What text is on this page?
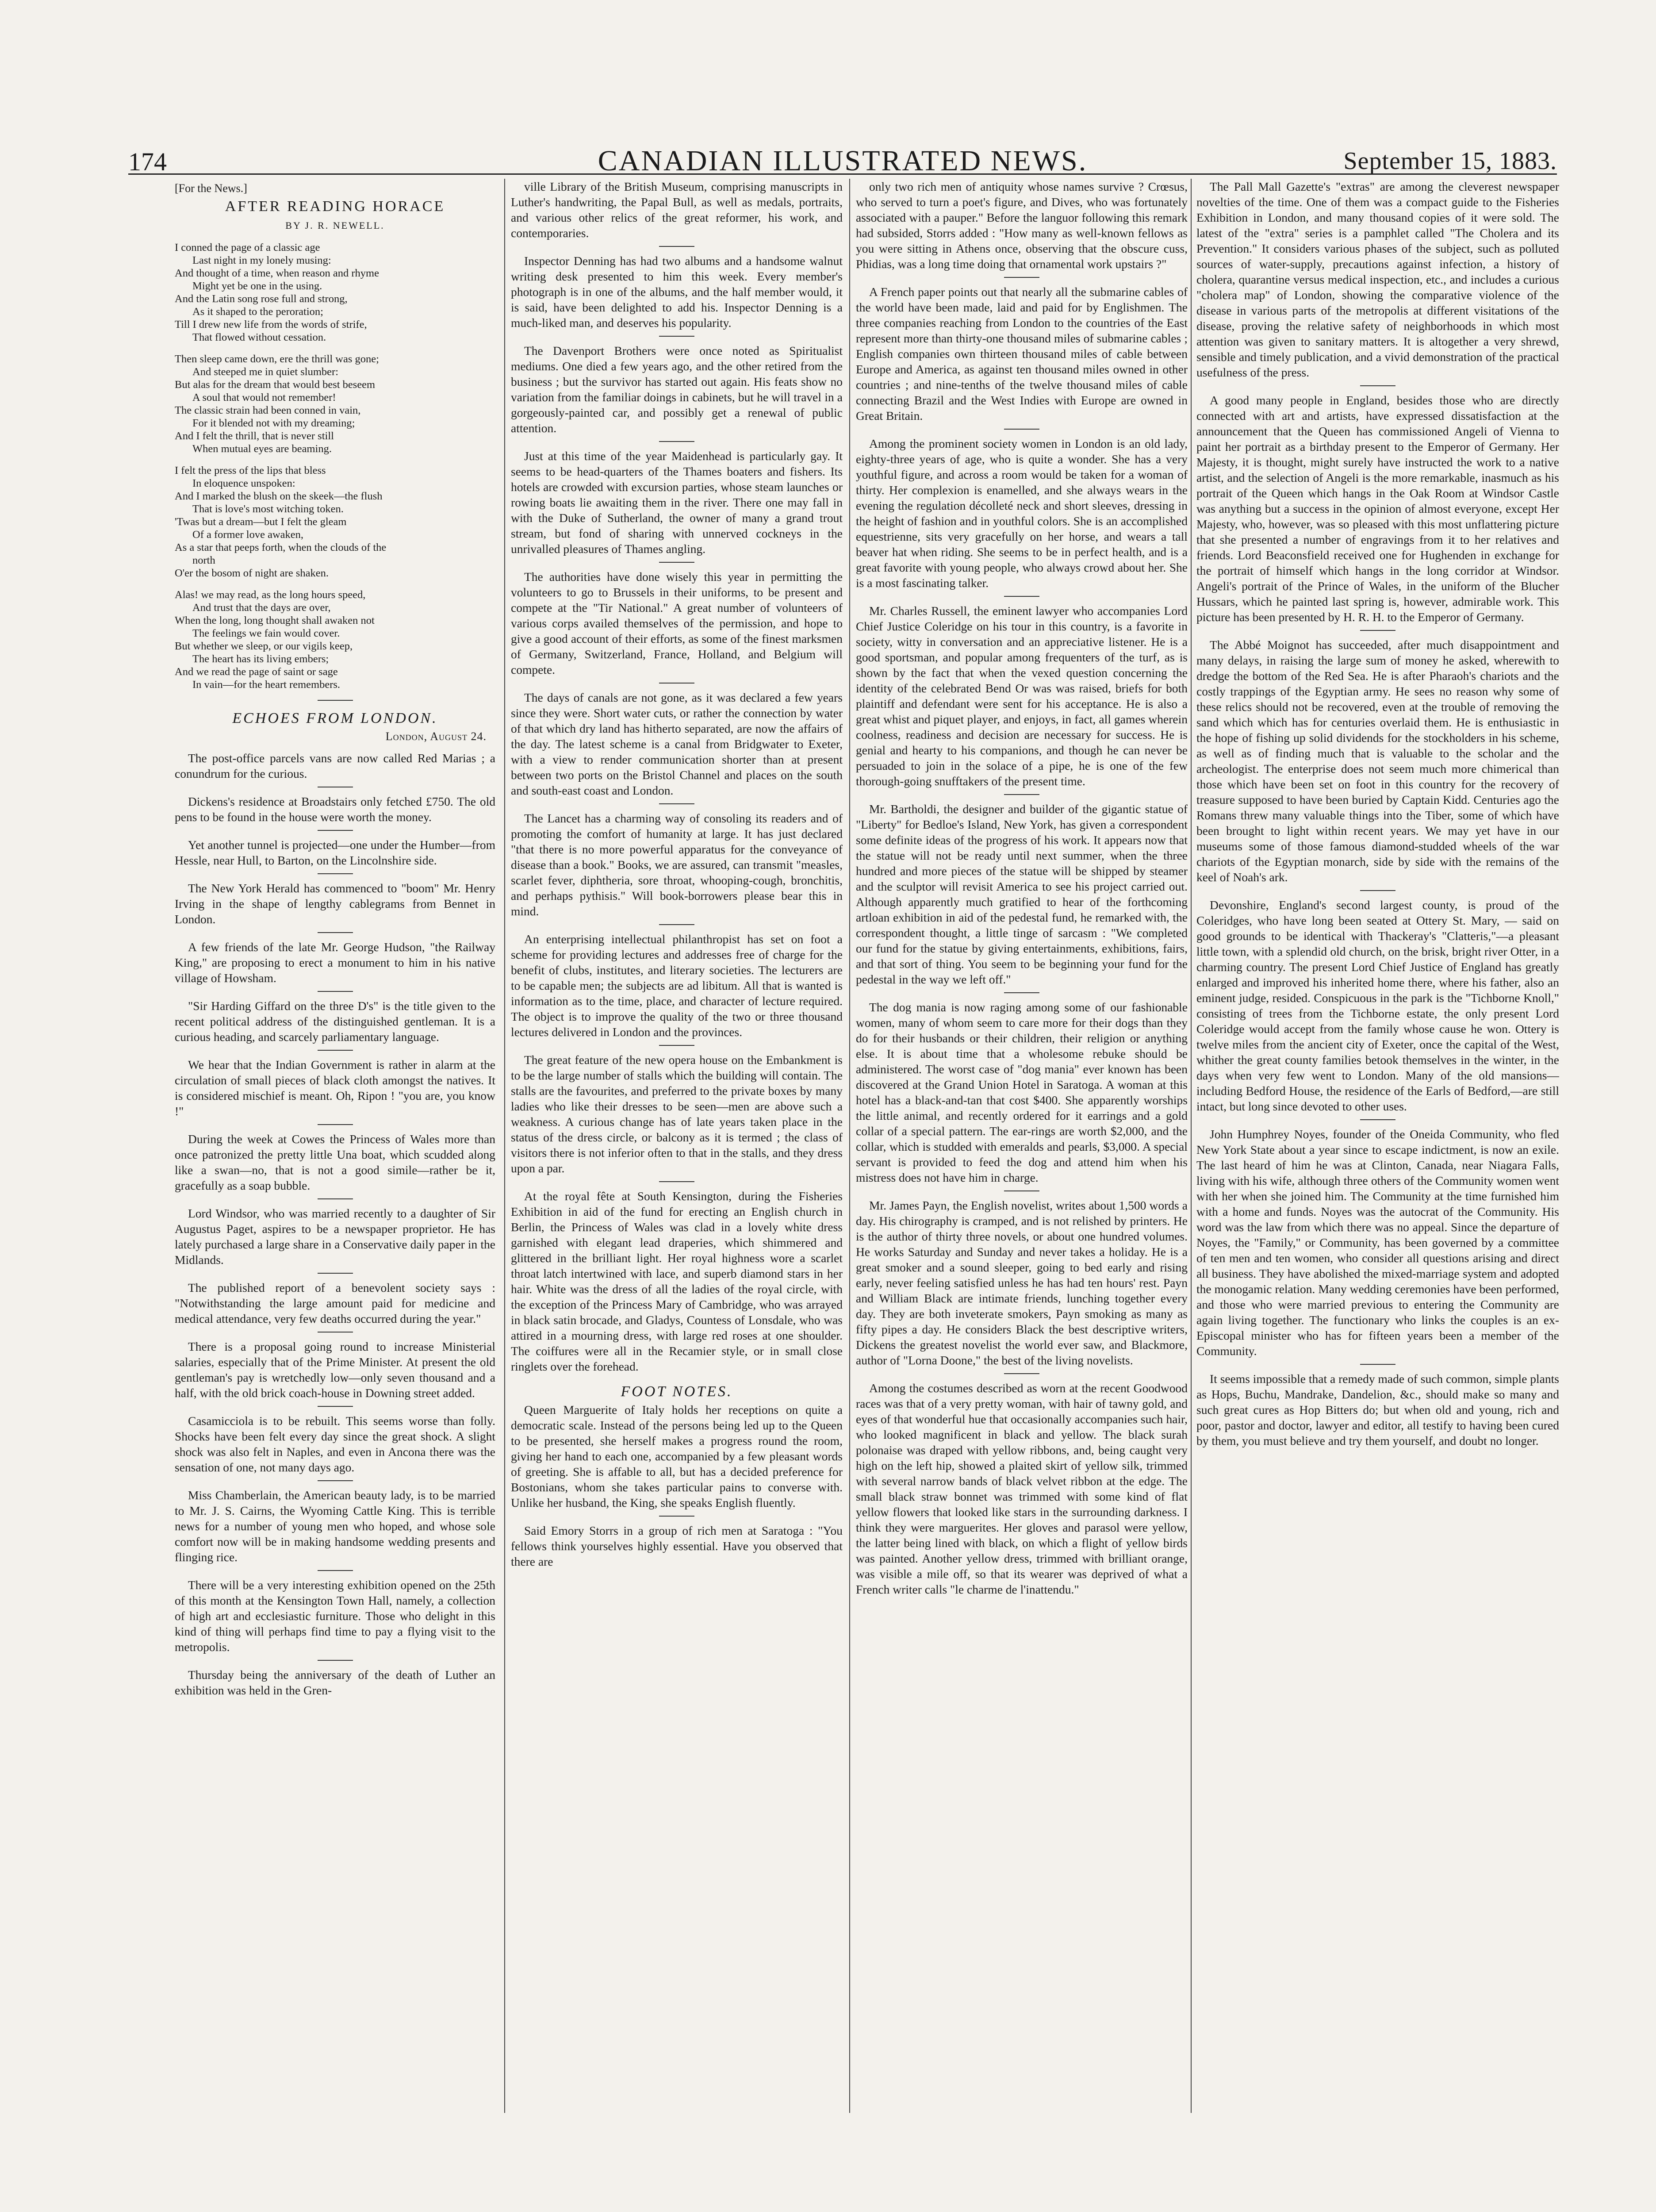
174	CANADIAN ILLUSTRATED NEWS.	September 15, 1883.
[For the News.]
AFTER READING HORACE
BY J. R. NEWELL.
I conned the page of a classic age
Last night in my lonely musing:
And thought of a time, when reason and rhyme
Might yet be one in the using.
And the Latin song rose full and strong,
As it shaped to the peroration;
Till I drew new life from the words of strife,
That flowed without cessation.
Then sleep came down, ere the thrill was gone;
And steeped me in quiet slumber:
But alas for the dream that would best beseem
A soul that would not remember!
The classic strain had been conned in vain,
For it blended not with my dreaming;
And I felt the thrill, that is never still
When mutual eyes are beaming.
I felt the press of the lips that bless
In eloquence unspoken:
And I marked the blush on the skeek—the flush
That is love's most witching token.
'Twas but a dream—but I felt the gleam
Of a former love awaken,
As a star that peeps forth, when the clouds of the
north
O'er the bosom of night are shaken.
Alas! we may read, as the long hours speed,
And trust that the days are over,
When the long, long thought shall awaken not
The feelings we fain would cover.
But whether we sleep, or our vigils keep,
The heart has its living embers;
And we read the page of saint or sage
In vain—for the heart remembers.
ECHOES FROM LONDON.
London, August 24.

The post-office parcels vans are now called Red Marias ; a conundrum for the curious.

Dickens's residence at Broadstairs only fetched £750. The old pens to be found in the house were worth the money.

Yet another tunnel is projected—one under the Humber—from Hessle, near Hull, to Barton, on the Lincolnshire side.

The New York Herald has commenced to "boom" Mr. Henry Irving in the shape of lengthy cablegrams from Bennet in London.

A few friends of the late Mr. George Hudson, "the Railway King," are proposing to erect a monument to him in his native village of Howsham.

"Sir Harding Giffard on the three D's" is the title given to the recent political address of the distinguished gentleman. It is a curious heading, and scarcely parliamentary language.

We hear that the Indian Government is rather in alarm at the circulation of small pieces of black cloth amongst the natives. It is considered mischief is meant. Oh, Ripon ! "you are, you know !"

During the week at Cowes the Princess of Wales more than once patronized the pretty little Una boat, which scudded along like a swan—no, that is not a good simile—rather be it, gracefully as a soap bubble.

Lord Windsor, who was married recently to a daughter of Sir Augustus Paget, aspires to be a newspaper proprietor. He has lately purchased a large share in a Conservative daily paper in the Midlands.

The published report of a benevolent society says : "Notwithstanding the large amount paid for medicine and medical attendance, very few deaths occurred during the year."

There is a proposal going round to increase Ministerial salaries, especially that of the Prime Minister. At present the old gentleman's pay is wretchedly low—only seven thousand and a half, with the old brick coach-house in Downing street added.

Casamicciola is to be rebuilt. This seems worse than folly. Shocks have been felt every day since the great shock. A slight shock was also felt in Naples, and even in Ancona there was the sensation of one, not many days ago.

Miss Chamberlain, the American beauty lady, is to be married to Mr. J. S. Cairns, the Wyoming Cattle King. This is terrible news for a number of young men who hoped, and whose sole comfort now will be in making handsome wedding presents and flinging rice.

There will be a very interesting exhibition opened on the 25th of this month at the Kensington Town Hall, namely, a collection of high art and ecclesiastic furniture. Those who delight in this kind of thing will perhaps find time to pay a flying visit to the metropolis.

Thursday being the anniversary of the death of Luther an exhibition was held in the Gren-

ville Library of the British Museum, comprising manuscripts in Luther's handwriting, the Papal Bull, as well as medals, portraits, and various other relics of the great reformer, his work, and contemporaries.

Inspector Denning has had two albums and a handsome walnut writing desk presented to him this week. Every member's photograph is in one of the albums, and the half member would, it is said, have been delighted to add his. Inspector Denning is a much-liked man, and deserves his popularity.

The Davenport Brothers were once noted as Spiritualist mediums. One died a few years ago, and the other retired from the business ; but the survivor has started out again. His feats show no variation from the familiar doings in cabinets, but he will travel in a gorgeously-painted car, and possibly get a renewal of public attention.

Just at this time of the year Maidenhead is particularly gay. It seems to be head-quarters of the Thames boaters and fishers. Its hotels are crowded with excursion parties, whose steam launches or rowing boats lie awaiting them in the river. There one may fall in with the Duke of Sutherland, the owner of many a grand trout stream, but fond of sharing with unnerved cockneys in the unrivalled pleasures of Thames angling.

The authorities have done wisely this year in permitting the volunteers to go to Brussels in their uniforms, to be present and compete at the "Tir National." A great number of volunteers of various corps availed themselves of the permission, and hope to give a good account of their efforts, as some of the finest marksmen of Germany, Switzerland, France, Holland, and Belgium will compete.

The days of canals are not gone, as it was declared a few years since they were. Short water cuts, or rather the connection by water of that which dry land has hitherto separated, are now the affairs of the day. The latest scheme is a canal from Bridgwater to Exeter, with a view to render communication shorter than at present between two ports on the Bristol Channel and places on the south and south-east coast and London.

The Lancet has a charming way of consoling its readers and of promoting the comfort of humanity at large. It has just declared "that there is no more powerful apparatus for the conveyance of disease than a book." Books, we are assured, can transmit "measles, scarlet fever, diphtheria, sore throat, whooping-cough, bronchitis, and perhaps pythisis." Will book-borrowers please bear this in mind.

An enterprising intellectual philanthropist has set on foot a scheme for providing lectures and addresses free of charge for the benefit of clubs, institutes, and literary societies. The lecturers are to be capable men; the subjects are ad libitum. All that is wanted is information as to the time, place, and character of lecture required. The object is to improve the quality of the two or three thousand lectures delivered in London and the provinces.

The great feature of the new opera house on the Embankment is to be the large number of stalls which the building will contain. The stalls are the favourites, and preferred to the private boxes by many ladies who like their dresses to be seen—men are above such a weakness. A curious change has of late years taken place in the status of the dress circle, or balcony as it is termed ; the class of visitors there is not inferior often to that in the stalls, and they dress upon a par.

At the royal fête at South Kensington, during the Fisheries Exhibition in aid of the fund for erecting an English church in Berlin, the Princess of Wales was clad in a lovely white dress garnished with elegant lead draperies, which shimmered and glittered in the brilliant light. Her royal highness wore a scarlet throat latch intertwined with lace, and superb diamond stars in her hair. White was the dress of all the ladies of the royal circle, with the exception of the Princess Mary of Cambridge, who was arrayed in black satin brocade, and Gladys, Countess of Lonsdale, who was attired in a mourning dress, with large red roses at one shoulder. The coiffures were all in the Recamier style, or in small close ringlets over the forehead.

FOOT NOTES.

Queen Marguerite of Italy holds her receptions on quite a democratic scale. Instead of the persons being led up to the Queen to be presented, she herself makes a progress round the room, giving her hand to each one, accompanied by a few pleasant words of greeting. She is affable to all, but has a decided preference for Bostonians, whom she takes particular pains to converse with. Unlike her husband, the King, she speaks English fluently.

Said Emory Storrs in a group of rich men at Saratoga : "You fellows think yourselves highly essential. Have you observed that there are

only two rich men of antiquity whose names survive ? Crœsus, who served to turn a poet's figure, and Dives, who was fortunately associated with a pauper." Before the languor following this remark had subsided, Storrs added : "How many as well-known fellows as you were sitting in Athens once, observing that the obscure cuss, Phidias, was a long time doing that ornamental work upstairs ?"

A French paper points out that nearly all the submarine cables of the world have been made, laid and paid for by Englishmen. The three companies reaching from London to the countries of the East represent more than thirty-one thousand miles of submarine cables ; English companies own thirteen thousand miles of cable between Europe and America, as against ten thousand miles owned in other countries ; and nine-tenths of the twelve thousand miles of cable connecting Brazil and the West Indies with Europe are owned in Great Britain.

Among the prominent society women in London is an old lady, eighty-three years of age, who is quite a wonder. She has a very youthful figure, and across a room would be taken for a woman of thirty. Her complexion is enamelled, and she always wears in the evening the regulation décolleté neck and short sleeves, dressing in the height of fashion and in youthful colors. She is an accomplished equestrienne, sits very gracefully on her horse, and wears a tall beaver hat when riding. She seems to be in perfect health, and is a great favorite with young people, who always crowd about her. She is a most fascinating talker.

Mr. Charles Russell, the eminent lawyer who accompanies Lord Chief Justice Coleridge on his tour in this country, is a favorite in society, witty in conversation and an appreciative listener. He is a good sportsman, and popular among frequenters of the turf, as is shown by the fact that when the vexed question concerning the identity of the celebrated Bend Or was was raised, briefs for both plaintiff and defendant were sent for his acceptance. He is also a great whist and piquet player, and enjoys, in fact, all games wherein coolness, readiness and decision are necessary for success. He is genial and hearty to his companions, and though he can never be persuaded to join in the solace of a pipe, he is one of the few thorough-going snufftakers of the present time.

Mr. Bartholdi, the designer and builder of the gigantic statue of "Liberty" for Bedloe's Island, New York, has given a correspondent some definite ideas of the progress of his work. It appears now that the statue will not be ready until next summer, when the three hundred and more pieces of the statue will be shipped by steamer and the sculptor will revisit America to see his project carried out. Although apparently much gratified to hear of the forthcoming artloan exhibition in aid of the pedestal fund, he remarked with, the correspondent thought, a little tinge of sarcasm : "We completed our fund for the statue by giving entertainments, exhibitions, fairs, and that sort of thing. You seem to be beginning your fund for the pedestal in the way we left off."

The dog mania is now raging among some of our fashionable women, many of whom seem to care more for their dogs than they do for their husbands or their children, their religion or anything else. It is about time that a wholesome rebuke should be administered. The worst case of "dog mania" ever known has been discovered at the Grand Union Hotel in Saratoga. A woman at this hotel has a black-and-tan that cost $400. She apparently worships the little animal, and recently ordered for it earrings and a gold collar of a special pattern. The ear-rings are worth $2,000, and the collar, which is studded with emeralds and pearls, $3,000. A special servant is provided to feed the dog and attend him when his mistress does not have him in charge.

Mr. James Payn, the English novelist, writes about 1,500 words a day. His chirography is cramped, and is not relished by printers. He is the author of thirty three novels, or about one hundred volumes. He works Saturday and Sunday and never takes a holiday. He is a great smoker and a sound sleeper, going to bed early and rising early, never feeling satisfied unless he has had ten hours' rest. Payn and William Black are intimate friends, lunching together every day. They are both inveterate smokers, Payn smoking as many as fifty pipes a day. He considers Black the best descriptive writers, Dickens the greatest novelist the world ever saw, and Blackmore, author of "Lorna Doone," the best of the living novelists.

Among the costumes described as worn at the recent Goodwood races was that of a very pretty woman, with hair of tawny gold, and eyes of that wonderful hue that occasionally accompanies such hair, who looked magnificent in black and yellow. The black surah polonaise was draped with yellow ribbons, and, being caught very high on the left hip, showed a plaited skirt of yellow silk, trimmed with several narrow bands of black velvet ribbon at the edge. The small black straw bonnet was trimmed with some kind of flat yellow flowers that looked like stars in the surrounding darkness. I think they were marguerites. Her gloves and parasol were yellow, the latter being lined with black, on which a flight of yellow birds was painted. Another yellow dress, trimmed with brilliant orange, was visible a mile off, so that its wearer was deprived of what a French writer calls "le charme de l'inattendu."

The Pall Mall Gazette's "extras" are among the cleverest newspaper novelties of the time. One of them was a compact guide to the Fisheries Exhibition in London, and many thousand copies of it were sold. The latest of the "extra" series is a pamphlet called "The Cholera and its Prevention." It considers various phases of the subject, such as polluted sources of water-supply, precautions against infection, a history of cholera, quarantine versus medical inspection, etc., and includes a curious "cholera map" of London, showing the comparative violence of the disease in various parts of the metropolis at different visitations of the disease, proving the relative safety of neighborhoods in which most attention was given to sanitary matters. It is altogether a very shrewd, sensible and timely publication, and a vivid demonstration of the practical usefulness of the press.

A good many people in England, besides those who are directly connected with art and artists, have expressed dissatisfaction at the announcement that the Queen has commissioned Angeli of Vienna to paint her portrait as a birthday present to the Emperor of Germany. Her Majesty, it is thought, might surely have instructed the work to a native artist, and the selection of Angeli is the more remarkable, inasmuch as his portrait of the Queen which hangs in the Oak Room at Windsor Castle was anything but a success in the opinion of almost everyone, except Her Majesty, who, however, was so pleased with this most unflattering picture that she presented a number of engravings from it to her relatives and friends. Lord Beaconsfield received one for Hughenden in exchange for the portrait of himself which hangs in the long corridor at Windsor. Angeli's portrait of the Prince of Wales, in the uniform of the Blucher Hussars, which he painted last spring is, however, admirable work. This picture has been presented by H. R. H. to the Emperor of Germany.

The Abbé Moignot has succeeded, after much disappointment and many delays, in raising the large sum of money he asked, wherewith to dredge the bottom of the Red Sea. He is after Pharaoh's chariots and the costly trappings of the Egyptian army. He sees no reason why some of these relics should not be recovered, even at the trouble of removing the sand which which has for centuries overlaid them. He is enthusiastic in the hope of fishing up solid dividends for the stockholders in his scheme, as well as of finding much that is valuable to the scholar and the archeologist. The enterprise does not seem much more chimerical than those which have been set on foot in this country for the recovery of treasure supposed to have been buried by Captain Kidd. Centuries ago the Romans threw many valuable things into the Tiber, some of which have been brought to light within recent years. We may yet have in our museums some of those famous diamond-studded wheels of the war chariots of the Egyptian monarch, side by side with the remains of the keel of Noah's ark.

Devonshire, England's second largest county, is proud of the Coleridges, who have long been seated at Ottery St. Mary, — said on good grounds to be identical with Thackeray's "Clatteris,"—a pleasant little town, with a splendid old church, on the brisk, bright river Otter, in a charming country. The present Lord Chief Justice of England has greatly enlarged and improved his inherited home there, where his father, also an eminent judge, resided. Conspicuous in the park is the "Tichborne Knoll," consisting of trees from the Tichborne estate, the only present Lord Coleridge would accept from the family whose cause he won. Ottery is twelve miles from the ancient city of Exeter, once the capital of the West, whither the great county families betook themselves in the winter, in the days when very few went to London. Many of the old mansions—including Bedford House, the residence of the Earls of Bedford,—are still intact, but long since devoted to other uses.

John Humphrey Noyes, founder of the Oneida Community, who fled New York State about a year since to escape indictment, is now an exile. The last heard of him he was at Clinton, Canada, near Niagara Falls, living with his wife, although three others of the Community women went with her when she joined him. The Community at the time furnished him with a home and funds. Noyes was the autocrat of the Community. His word was the law from which there was no appeal. Since the departure of Noyes, the "Family," or Community, has been governed by a committee of ten men and ten women, who consider all questions arising and direct all business. They have abolished the mixed-marriage system and adopted the monogamic relation. Many wedding ceremonies have been performed, and those who were married previous to entering the Community are again living together. The functionary who links the couples is an ex-Episcopal minister who has for fifteen years been a member of the Community.

It seems impossible that a remedy made of such common, simple plants as Hops, Buchu, Mandrake, Dandelion, &c., should make so many and such great cures as Hop Bitters do; but when old and young, rich and poor, pastor and doctor, lawyer and editor, all testify to having been cured by them, you must believe and try them yourself, and doubt no longer.
